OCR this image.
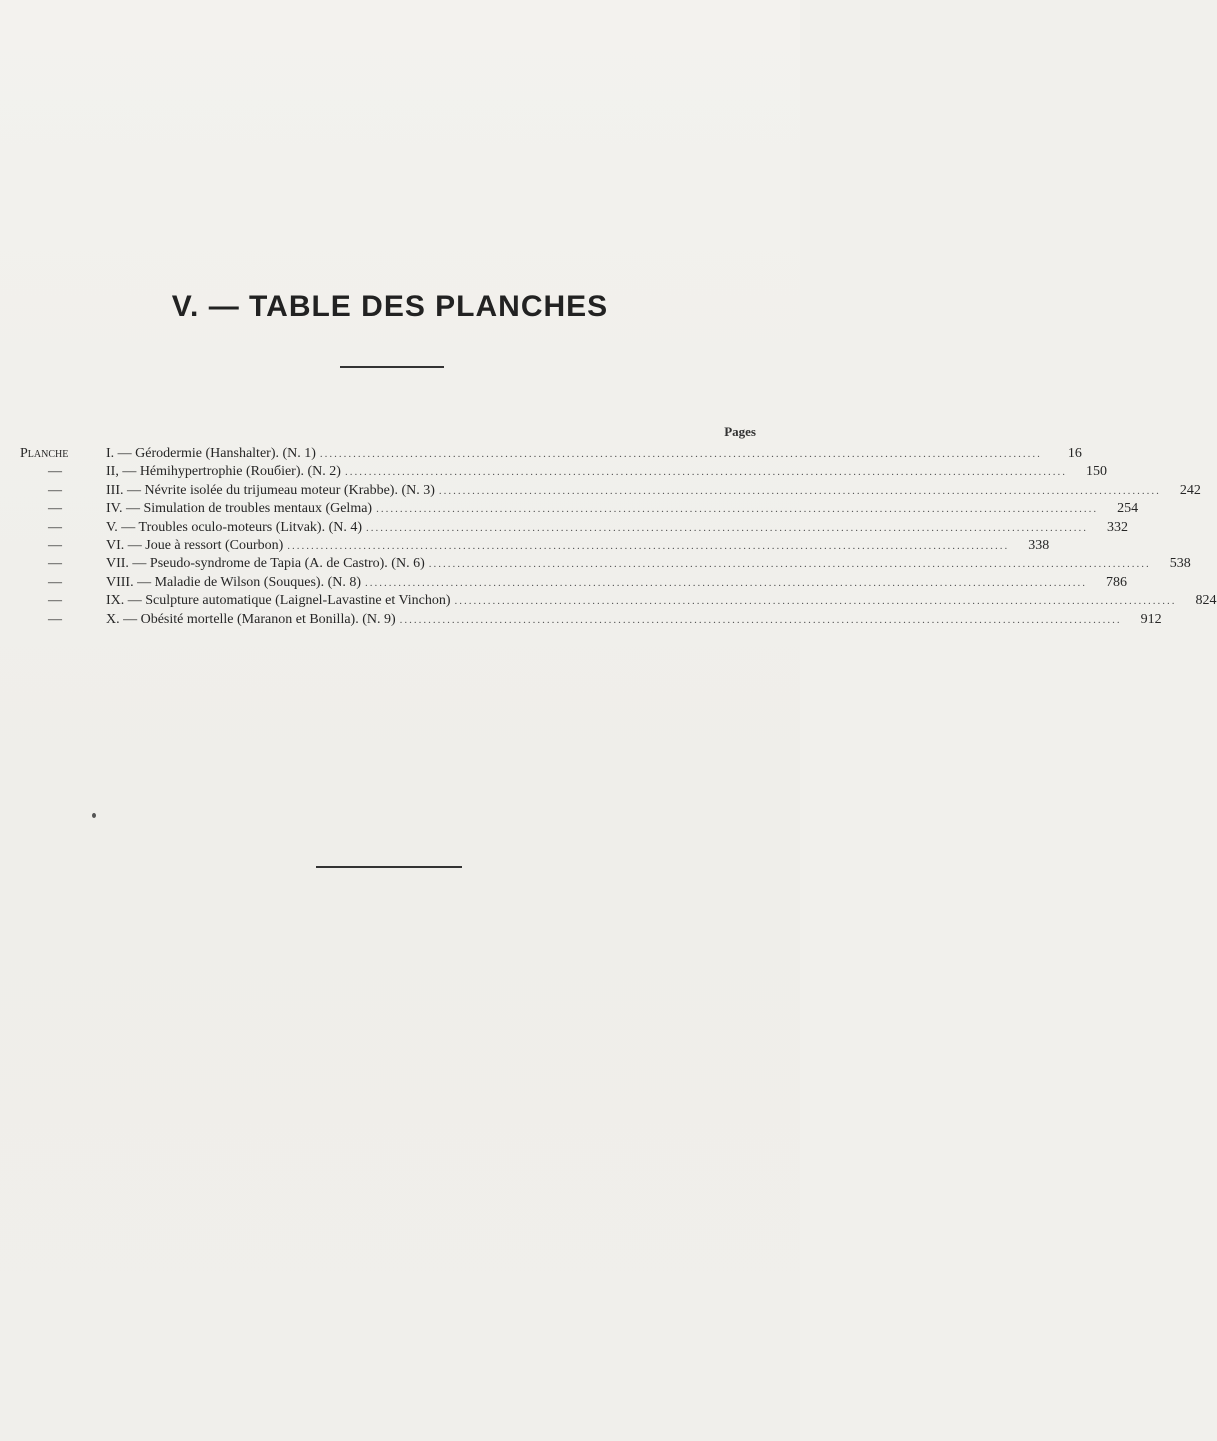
V. — TABLE DES PLANCHES
Pages
Planche	I. — Gérodermie (Hanshalter). (N. 1) .....	16
—	II, — Hémihypertrophie (Rouбier). (N. 2) .....	150
—	III. — Névrite isolée du trijumeau moteur (Krabbe). (N. 3) .....	242
—	IV. — Simulation de troubles mentaux (Gelma) .....	254
—	V. — Troubles oculo-moteurs (Litvak). (N. 4) .....	332
—	VI. — Joue à ressort (Courbon) .....	338
—	VII. — Pseudo-syndrome de Tapia (A. de Castro). (N. 6) .....	538
—	VIII. — Maladie de Wilson (Souques). (N. 8) .....	786
—	IX. — Sculpture automatique (Laignel-Lavastine et Vinchon) .....	824
—	X. — Obésité mortelle (Maranon et Bonilla). (N. 9) .....	912
